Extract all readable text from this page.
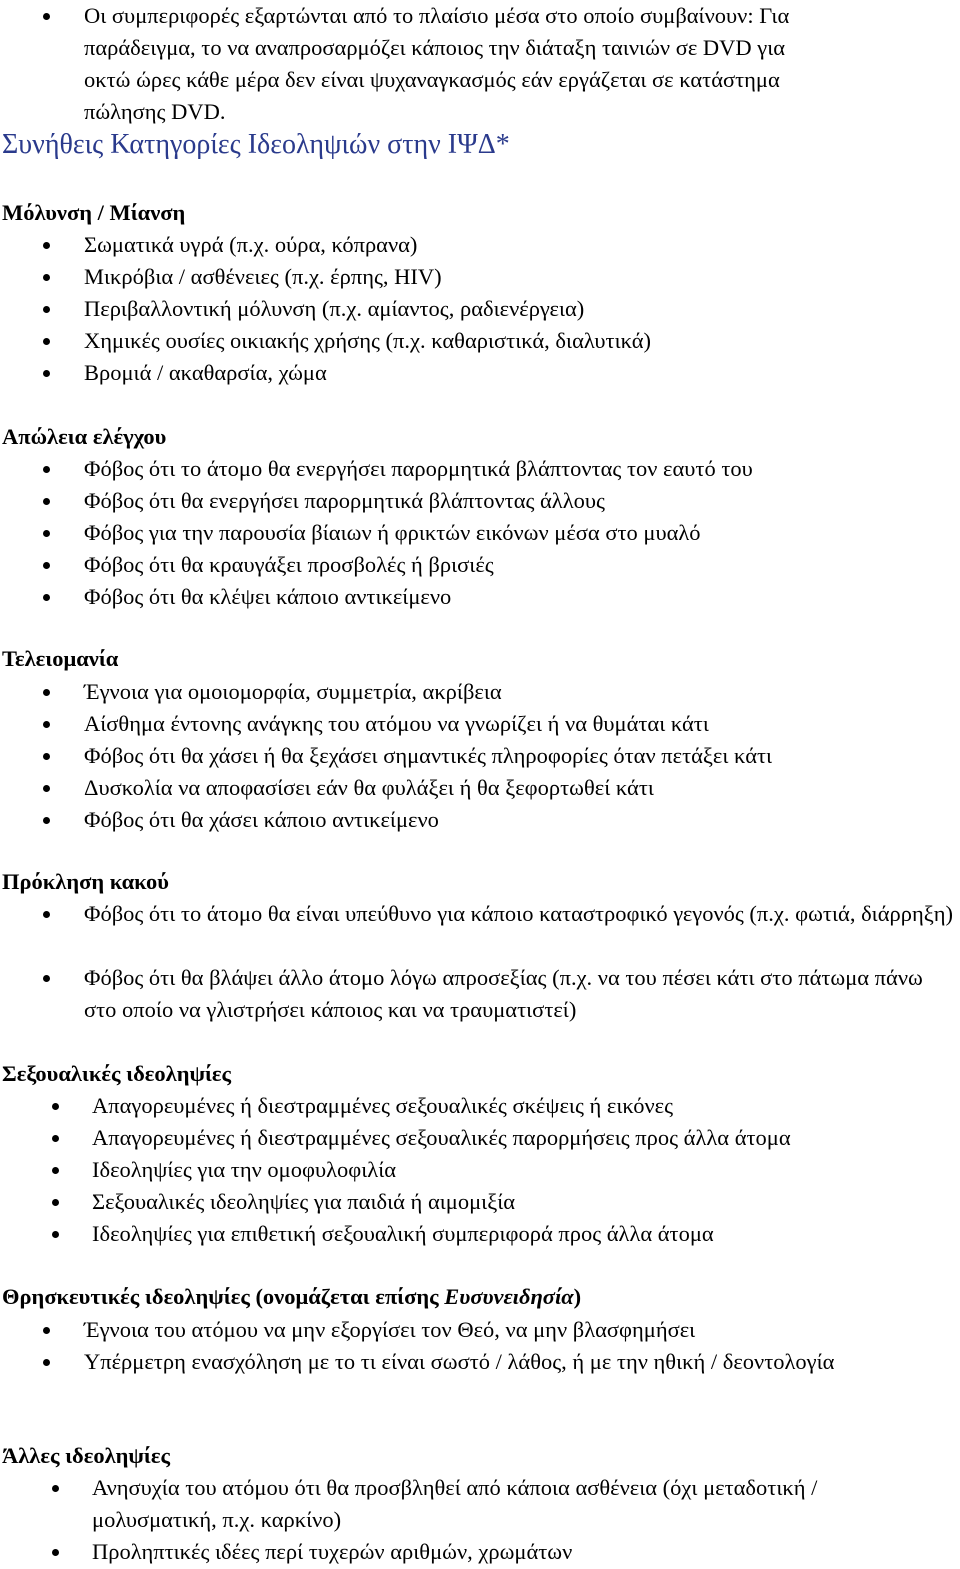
Οι συμπεριφορές εξαρτώνται από το πλαίσιο μέσα στο οποίο συμβαίνουν: Για
παράδειγμα, το να αναπροσαρμόζει κάποιος την διάταξη ταινιών σε DVD για
οκτώ ώρες κάθε μέρα δεν είναι ψυχαναγκασμός εάν εργάζεται σε κατάστημα
πώλησης DVD.
Συνήθεις Κατηγορίες Ιδεοληψιών στην ΙΨΔ*
Μόλυνση / Μίανση
Σωματικά υγρά (π.χ. ούρα, κόπρανα)
Μικρόβια / ασθένειες (π.χ. έρπης, HIV)
Περιβαλλοντική μόλυνση (π.χ. αμίαντος, ραδιενέργεια)
Χημικές ουσίες οικιακής χρήσης (π.χ. καθαριστικά, διαλυτικά)
Βρομιά / ακαθαρσία, χώμα
Απώλεια ελέγχου
Φόβος ότι το άτομο θα ενεργήσει παρορμητικά βλάπτοντας τον εαυτό του
Φόβος ότι θα ενεργήσει παρορμητικά βλάπτοντας άλλους
Φόβος για την παρουσία βίαιων ή φρικτών εικόνων μέσα στο μυαλό
Φόβος ότι θα κραυγάξει προσβολές ή βρισιές
Φόβος ότι θα κλέψει κάποιο αντικείμενο
Τελειομανία
Έγνοια για ομοιομορφία, συμμετρία, ακρίβεια
Αίσθημα έντονης ανάγκης του ατόμου να γνωρίζει ή να θυμάται κάτι
Φόβος ότι θα χάσει ή θα ξεχάσει σημαντικές πληροφορίες όταν πετάξει κάτι
Δυσκολία να αποφασίσει εάν θα φυλάξει ή θα ξεφορτωθεί κάτι
Φόβος ότι θα χάσει κάποιο αντικείμενο
Πρόκληση κακού
Φόβος ότι το άτομο θα είναι υπεύθυνο για κάποιο καταστροφικό γεγονός (π.χ. φωτιά, διάρρηξη)
Φόβος ότι θα βλάψει άλλο άτομο λόγω απροσεξίας (π.χ. να του πέσει κάτι στο πάτωμα πάνω στο οποίο να γλιστρήσει κάποιος και να τραυματιστεί)
Σεξουαλικές ιδεοληψίες
Απαγορευμένες ή διεστραμμένες σεξουαλικές σκέψεις ή εικόνες
Απαγορευμένες ή διεστραμμένες σεξουαλικές παρορμήσεις προς άλλα άτομα
Ιδεοληψίες για την ομοφυλοφιλία
Σεξουαλικές ιδεοληψίες για παιδιά ή αιμομιξία
Ιδεοληψίες για επιθετική σεξουαλική συμπεριφορά προς άλλα άτομα
Θρησκευτικές ιδεοληψίες (ονομάζεται επίσης Ευσυνειδησία)
Έγνοια του ατόμου να μην εξοργίσει τον Θεό, να μην βλασφημήσει
Υπέρμετρη ενασχόληση με το τι είναι σωστό / λάθος, ή με την ηθική / δεοντολογία
Άλλες ιδεοληψίες
Ανησυχία του ατόμου ότι θα προσβληθεί από κάποια ασθένεια (όχι μεταδοτική / μολυσματική, π.χ. καρκίνο)
Προληπτικές ιδέες περί τυχερών αριθμών, χρωμάτων
